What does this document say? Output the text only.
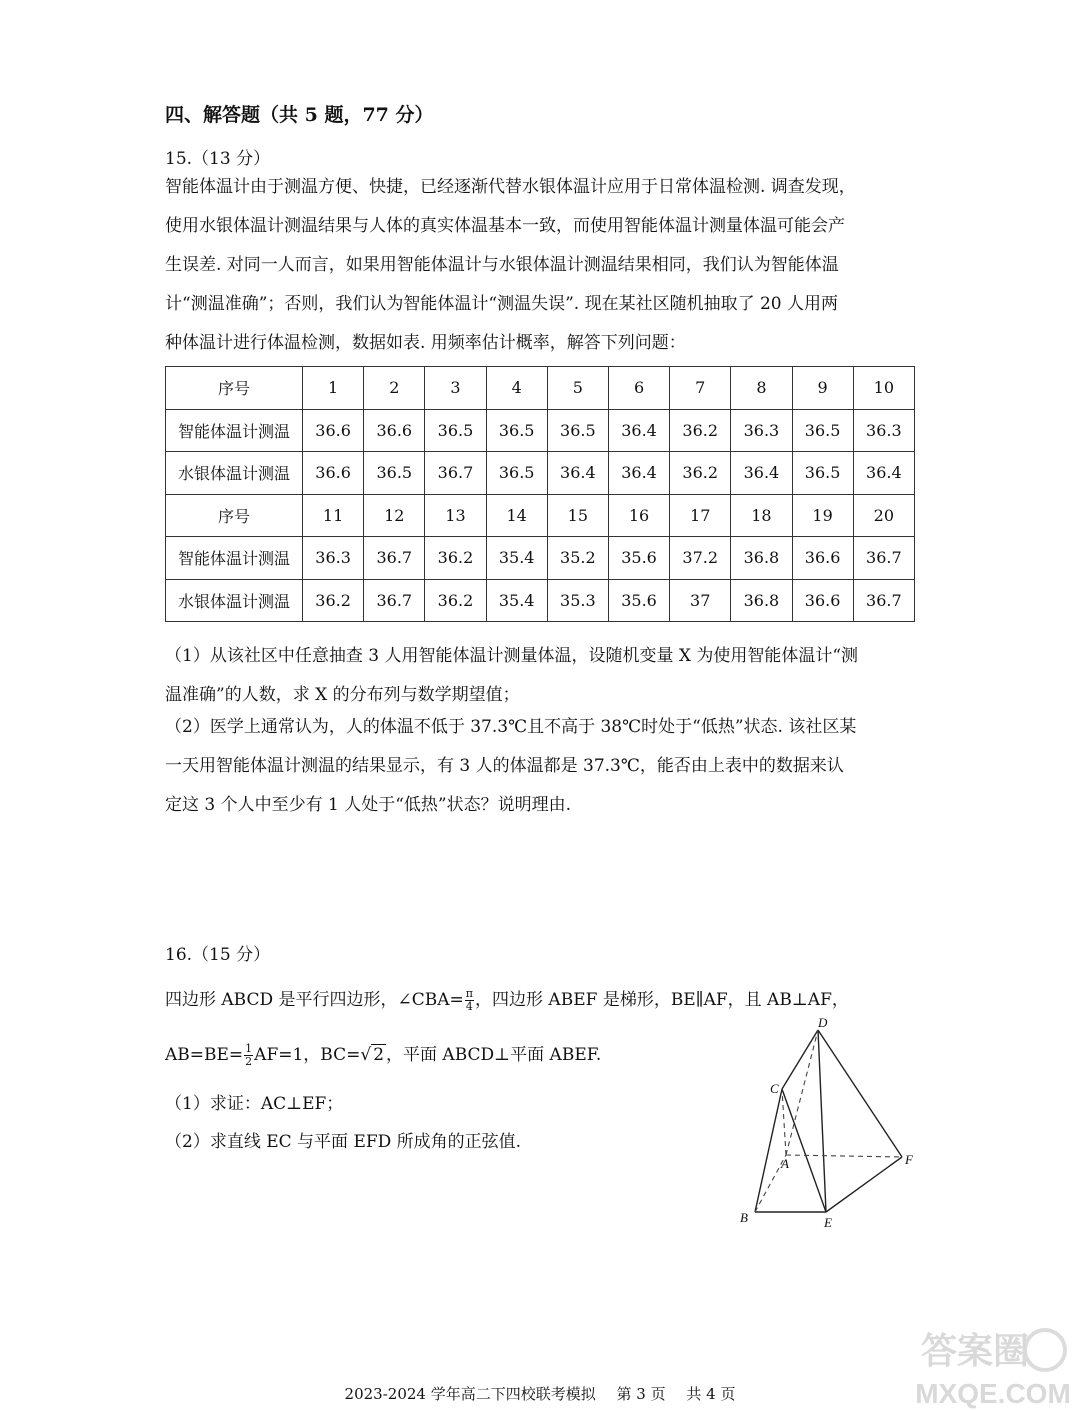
四、解答题（共 5 题，77 分）
15.（13 分）
智能体温计由于测温方便、快捷，已经逐渐代替水银体温计应用于日常体温检测. 调查发现，
使用水银体温计测温结果与人体的真实体温基本一致，而使用智能体温计测量体温可能会产
生误差. 对同一人而言，如果用智能体温计与水银体温计测温结果相同，我们认为智能体温
计“测温准确”；否则，我们认为智能体温计“测温失误”. 现在某社区随机抽取了 20 人用两
种体温计进行体温检测，数据如表. 用频率估计概率，解答下列问题：
序号	1	2	3	4	5	6	7	8	9	10
智能体温计测温	36.6	36.6	36.5	36.5	36.5	36.4	36.2	36.3	36.5	36.3
水银体温计测温	36.6	36.5	36.7	36.5	36.4	36.4	36.2	36.4	36.5	36.4
序号	11	12	13	14	15	16	17	18	19	20
智能体温计测温	36.3	36.7	36.2	35.4	35.2	35.6	37.2	36.8	36.6	36.7
水银体温计测温	36.2	36.7	36.2	35.4	35.3	35.6	37	36.8	36.6	36.7
（1）从该社区中任意抽查 3 人用智能体温计测量体温，设随机变量 X 为使用智能体温计“测
温准确”的人数，求 X 的分布列与数学期望值；
（2）医学上通常认为，人的体温不低于 37.3℃且不高于 38℃时处于“低热”状态. 该社区某
一天用智能体温计测温的结果显示，有 3 人的体温都是 37.3℃，能否由上表中的数据来认
定这 3 个人中至少有 1 人处于“低热”状态？说明理由.
16.（15 分）
四边形 ABCD 是平行四边形，∠CBA= $\frac{\pi}{4}$ ，四边形 ABEF 是梯形，BE∥AF，且 AB⊥AF，
$AB=BE= \frac{1}{2} AF=1$，BC=√ 2 ，平面 ABCD⊥平面 ABEF.
（1）求证：AC⊥EF；
（2）求直线 EC 与平面 EFD 所成角的正弦值.
B	E
F
A
C
D
2023-2024 学年高二下四校联考模拟 第 3 页 共 4 页
答案圈
MXQE.COM
